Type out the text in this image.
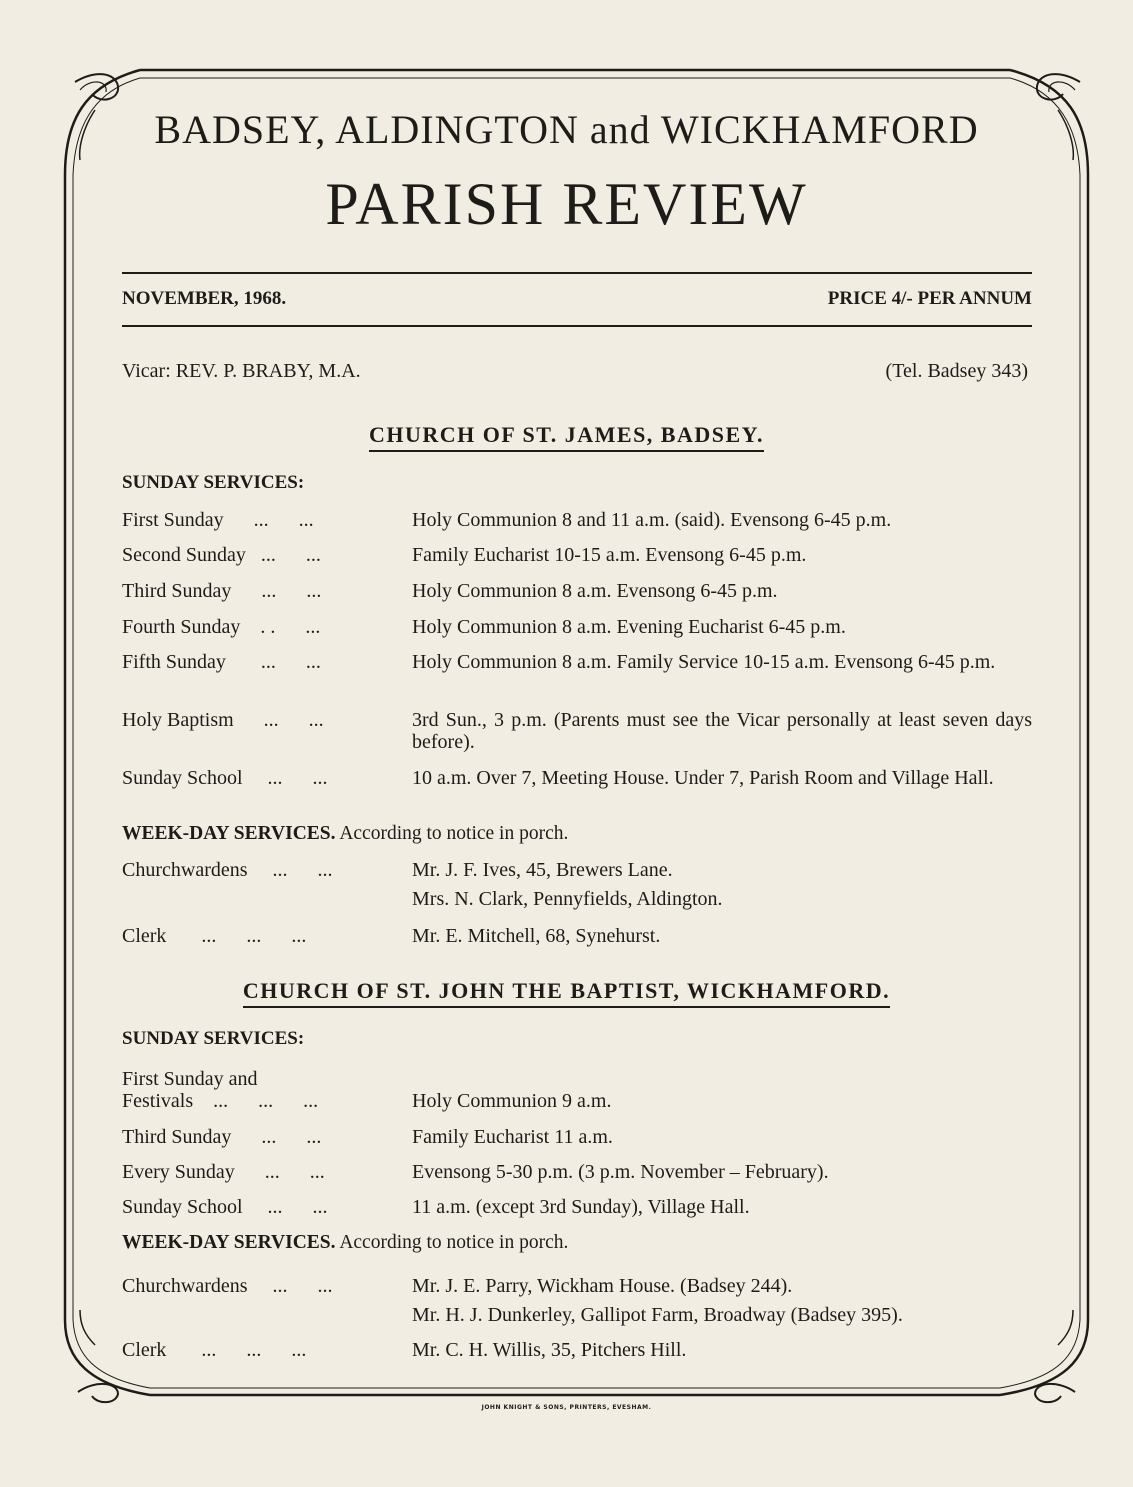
BADSEY, ALDINGTON and WICKHAMFORD
PARISH REVIEW
NOVEMBER, 1968.	PRICE 4/- PER ANNUM
Vicar: REV. P. BRABY, M.A.	(Tel. Badsey 343)
CHURCH OF ST. JAMES, BADSEY.
SUNDAY SERVICES:
First Sunday      ...      ...	Holy Communion 8 and 11 a.m. (said). Evensong 6-45 p.m.
Second Sunday   ...      ...	Family Eucharist 10-15 a.m. Evensong 6-45 p.m.
Third Sunday      ...      ...	Holy Communion 8 a.m. Evensong 6-45 p.m.
Fourth Sunday    . .      ...	Holy Communion 8 a.m. Evening Eucharist 6-45 p.m.
Fifth Sunday       ...      ...	Holy Communion 8 a.m. Family Service 10-15 a.m. Evensong 6-45 p.m.
Holy Baptism      ...      ...	3rd Sun., 3 p.m. (Parents must see the Vicar personally at least seven days before).
Sunday School     ...      ...	10 a.m. Over 7, Meeting House. Under 7, Parish Room and Village Hall.
WEEK-DAY SERVICES. According to notice in porch.
Churchwardens     ...      ...	Mr. J. F. Ives, 45, Brewers Lane.
Mrs. N. Clark, Pennyfields, Aldington.
Clerk       ...      ...      ...	Mr. E. Mitchell, 68, Synehurst.
CHURCH OF ST. JOHN THE BAPTIST, WICKHAMFORD.
SUNDAY SERVICES:
First Sunday and
Festivals    ...      ...      ...	Holy Communion 9 a.m.
Third Sunday      ...      ...	Family Eucharist 11 a.m.
Every Sunday      ...      ...	Evensong 5-30 p.m. (3 p.m. November – February).
Sunday School     ...      ...	11 a.m. (except 3rd Sunday), Village Hall.
WEEK-DAY SERVICES. According to notice in porch.
Churchwardens     ...      ...	Mr. J. E. Parry, Wickham House. (Badsey 244).
Mr. H. J. Dunkerley, Gallipot Farm, Broadway (Badsey 395).
Clerk       ...      ...      ...	Mr. C. H. Willis, 35, Pitchers Hill.
JOHN KNIGHT & SONS, PRINTERS, EVESHAM.
